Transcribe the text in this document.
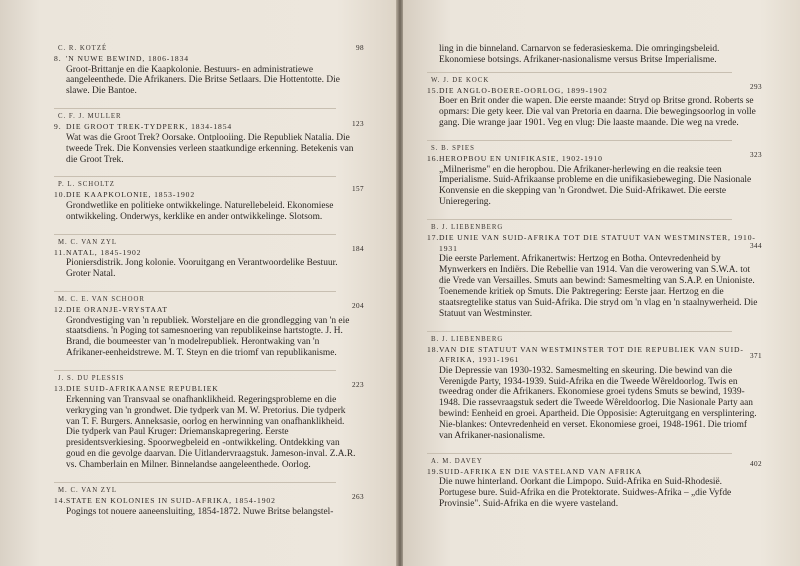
C. R. KOTZÉ
8. 'N NUWE BEWIND, 1806-1834
98
Groot-Brittanje en die Kaapkolonie. Bestuurs- en administratiewe aangeleenthede. Die Afrikaners. Die Britse Setlaars. Die Hottentotte. Die slawe. Die Bantoe.
C. F. J. MULLER
9. DIE GROOT TREK-TYDPERK, 1834-1854	123
Wat was die Groot Trek? Oorsake. Ontplooiing. Die Republiek Natalia. Die tweede Trek. Die Konvensies verleen staatkundige erkenning. Betekenis van die Groot Trek.
P. L. SCHOLTZ
10. DIE KAAPKOLONIE, 1853-1902
157
Grondwetlike en politieke ontwikkelinge. Naturellebeleid. Ekonomiese ontwikkeling. Onderwys, kerklike en ander ontwikkelinge. Slotsom.
M. C. VAN ZYL
11. NATAL, 1845-1902	184
Pioniersdistrik. Jong kolonie. Vooruitgang en Verantwoordelike Bestuur. Groter Natal.
M. C. E. VAN SCHOOR
12. DIE ORANJE-VRYSTAAT	204
Grondvestiging van 'n republiek. Worsteljare en die grondlegging van 'n eie staatsdiens. 'n Poging tot samesnoering van republikeinse hartstogte. J. H. Brand, die boumeester van 'n modelrepubliek. Herontwaking van 'n Afrikaner-eenheidstrewe. M. T. Steyn en die triomf van republikanisme.
J. S. DU PLESSIS
13. DIE SUID-AFRIKAANSE REPUBLIEK	223
Erkenning van Transvaal se onafhanklikheid. Regeringsprobleme en die verkryging van 'n grondwet. Die tydperk van M. W. Pretorius. Die tydperk van T. F. Burgers. Anneksasie, oorlog en herwinning van onafhanklikheid. Die tydperk van Paul Kruger: Driemanskapregering. Eerste presidentsverkiesing. Spoorwegbeleid en -ontwikkeling. Ontdekking van goud en die gevolge daarvan. Die Uitlandervraagstuk. Jameson-inval. Z.A.R. vs. Chamberlain en Milner. Binnelandse aangeleenthede. Oorlog.
M. C. VAN ZYL
14. STATE EN KOLONIES IN SUID-AFRIKA, 1854-1902	263
Pogings tot nouere aaneensluiting, 1854-1872. Nuwe Britse belangstel-
ling in die binneland. Carnarvon se federasieskema. Die omringingsbeleid. Ekonomiese botsings. Afrikaner-nasionalisme versus Britse Imperialisme.
W. J. DE KOCK
15. DIE ANGLO-BOERE-OORLOG, 1899-1902	293
Boer en Brit onder die wapen. Die eerste maande: Stryd op Britse grond. Roberts se opmars: Die gety keer. Die val van Pretoria en daarna. Die bewegingsoorlog in volle gang. Die wrange jaar 1901. Veg en vlug: Die laaste maande. Die weg na vrede.
S. B. SPIES
16. HEROPBOU EN UNIFIKASIE, 1902-1910	323
„Milnerisme" en die heropbou. Die Afrikaner-herlewing en die reaksie teen Imperialisme. Suid-Afrikaanse probleme en die unifikasiebeweging. Die Nasionale Konvensie en die skepping van 'n Grondwet. Die Suid-Afrikawet. Die eerste Unieregering.
B. J. LIEBENBERG
17. DIE UNIE VAN SUID-AFRIKA TOT DIE STATUUT VAN WESTMINSTER, 1910-1931	344
Die eerste Parlement. Afrikanertwis: Hertzog en Botha. Ontevredenheid by Mynwerkers en Indiërs. Die Rebellie van 1914. Van die verowering van S.W.A. tot die Vrede van Versailles. Smuts aan bewind: Samesmelting van S.A.P. en Unioniste. Toenemende kritiek op Smuts. Die Paktregering: Eerste jaar. Hertzog en die staatsregtelike status van Suid-Afrika. Die stryd om 'n vlag en 'n staalnywerheid. Die Statuut van Westminster.
B. J. LIEBENBERG
18. VAN DIE STATUUT VAN WESTMINSTER TOT DIE REPUBLIEK VAN SUID-AFRIKA, 1931-1961	371
Die Depressie van 1930-1932. Samesmelting en skeuring. Die bewind van die Verenigde Party, 1934-1939. Suid-Afrika en die Tweede Wêreldoorlog. Twis en tweedrag onder die Afrikaners. Ekonomiese groei tydens Smuts se bewind, 1939-1948. Die rassevraagstuk sedert die Tweede Wêreldoorlog. Die Nasionale Party aan bewind: Eenheid en groei. Apartheid. Die Opposisie: Agteruitgang en versplintering. Nie-blankes: Ontevredenheid en verset. Ekonomiese groei, 1948-1961. Die triomf van Afrikaner-nasionalisme.
A. M. DAVEY
19. SUID-AFRIKA EN DIE VASTELAND VAN AFRIKA
402
Die nuwe hinterland. Oorkant die Limpopo. Suid-Afrika en Suid-Rhodesië. Portugese bure. Suid-Afrika en die Protektorate. Suidwes-Afrika – „die Vyfde Provinsie". Suid-Afrika en die wyere vasteland.
